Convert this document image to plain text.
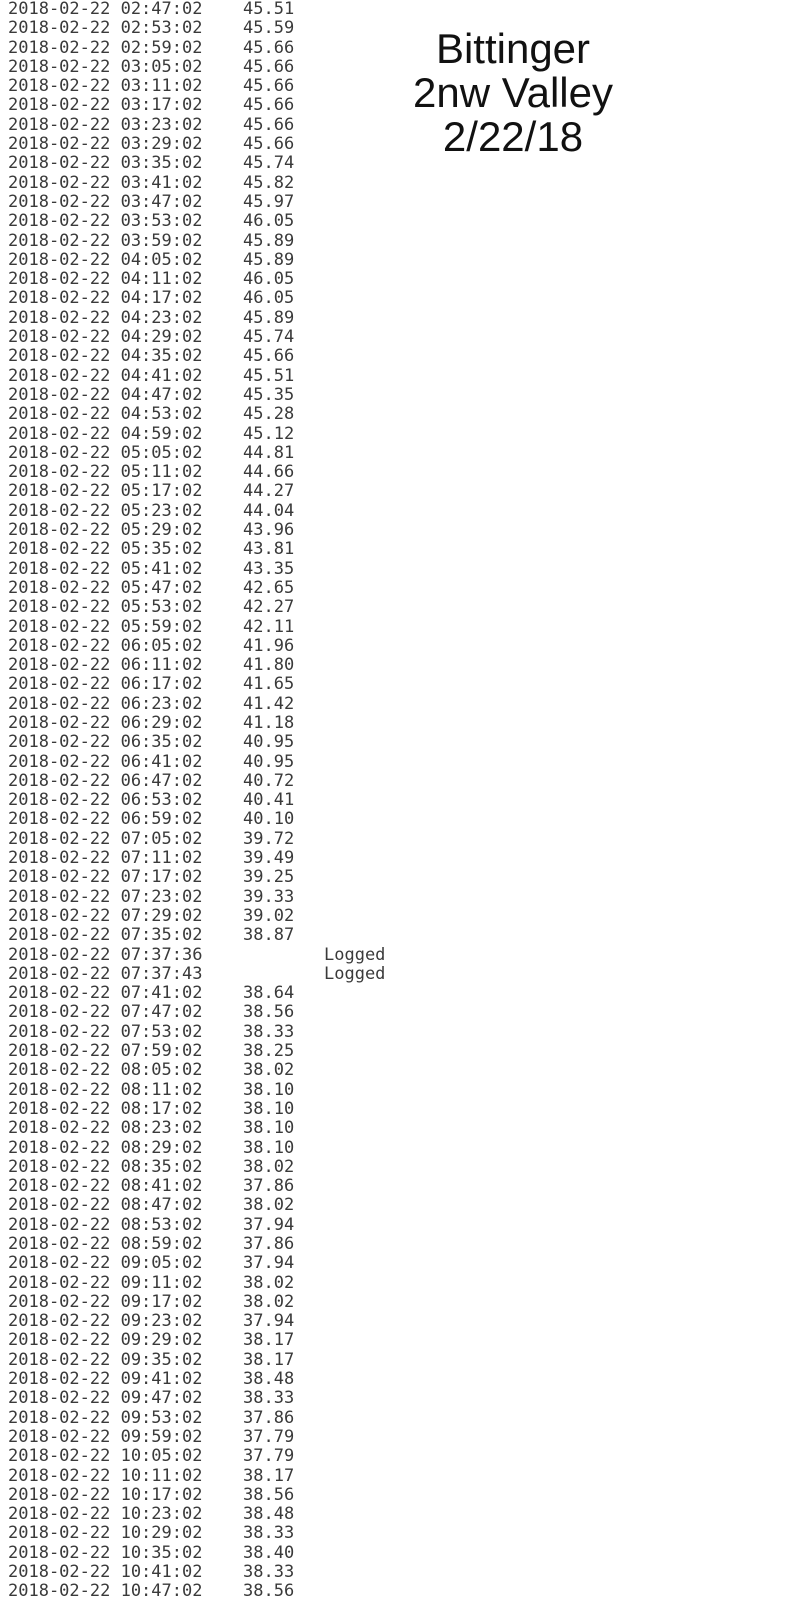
2018-02-22 02:47:02 45.51
2018-02-22 02:53:02 45.59
2018-02-22 02:59:02 45.66
2018-02-22 03:05:02 45.66
2018-02-22 03:11:02 45.66
2018-02-22 03:17:02 45.66
2018-02-22 03:23:02 45.66
2018-02-22 03:29:02 45.66
2018-02-22 03:35:02 45.74
2018-02-22 03:41:02 45.82
2018-02-22 03:47:02 45.97
2018-02-22 03:53:02 46.05
2018-02-22 03:59:02 45.89
2018-02-22 04:05:02 45.89
2018-02-22 04:11:02 46.05
2018-02-22 04:17:02 46.05
2018-02-22 04:23:02 45.89
2018-02-22 04:29:02 45.74
2018-02-22 04:35:02 45.66
2018-02-22 04:41:02 45.51
2018-02-22 04:47:02 45.35
2018-02-22 04:53:02 45.28
2018-02-22 04:59:02 45.12
2018-02-22 05:05:02 44.81
2018-02-22 05:11:02 44.66
2018-02-22 05:17:02 44.27
2018-02-22 05:23:02 44.04
2018-02-22 05:29:02 43.96
2018-02-22 05:35:02 43.81
2018-02-22 05:41:02 43.35
2018-02-22 05:47:02 42.65
2018-02-22 05:53:02 42.27
2018-02-22 05:59:02 42.11
2018-02-22 06:05:02 41.96
2018-02-22 06:11:02 41.80
2018-02-22 06:17:02 41.65
2018-02-22 06:23:02 41.42
2018-02-22 06:29:02 41.18
2018-02-22 06:35:02 40.95
2018-02-22 06:41:02 40.95
2018-02-22 06:47:02 40.72
2018-02-22 06:53:02 40.41
2018-02-22 06:59:02 40.10
2018-02-22 07:05:02 39.72
2018-02-22 07:11:02 39.49
2018-02-22 07:17:02 39.25
2018-02-22 07:23:02 39.33
2018-02-22 07:29:02 39.02
2018-02-22 07:35:02 38.87
2018-02-22 07:37:36	Logged
2018-02-22 07:37:43	Logged
2018-02-22 07:41:02 38.64
2018-02-22 07:47:02 38.56
2018-02-22 07:53:02 38.33
2018-02-22 07:59:02 38.25
2018-02-22 08:05:02 38.02
2018-02-22 08:11:02 38.10
2018-02-22 08:17:02 38.10
2018-02-22 08:23:02 38.10
2018-02-22 08:29:02 38.10
2018-02-22 08:35:02 38.02
2018-02-22 08:41:02 37.86
2018-02-22 08:47:02 38.02
2018-02-22 08:53:02 37.94
2018-02-22 08:59:02 37.86
2018-02-22 09:05:02 37.94
2018-02-22 09:11:02 38.02
2018-02-22 09:17:02 38.02
2018-02-22 09:23:02 37.94
2018-02-22 09:29:02 38.17
2018-02-22 09:35:02 38.17
2018-02-22 09:41:02 38.48
2018-02-22 09:47:02 38.33
2018-02-22 09:53:02 37.86
2018-02-22 09:59:02 37.79
2018-02-22 10:05:02 37.79
2018-02-22 10:11:02 38.17
2018-02-22 10:17:02 38.56
2018-02-22 10:23:02 38.48
2018-02-22 10:29:02 38.33
2018-02-22 10:35:02 38.40
2018-02-22 10:41:02 38.33
2018-02-22 10:47:02 38.56
Bittinger
2nw Valley
2/22/18
